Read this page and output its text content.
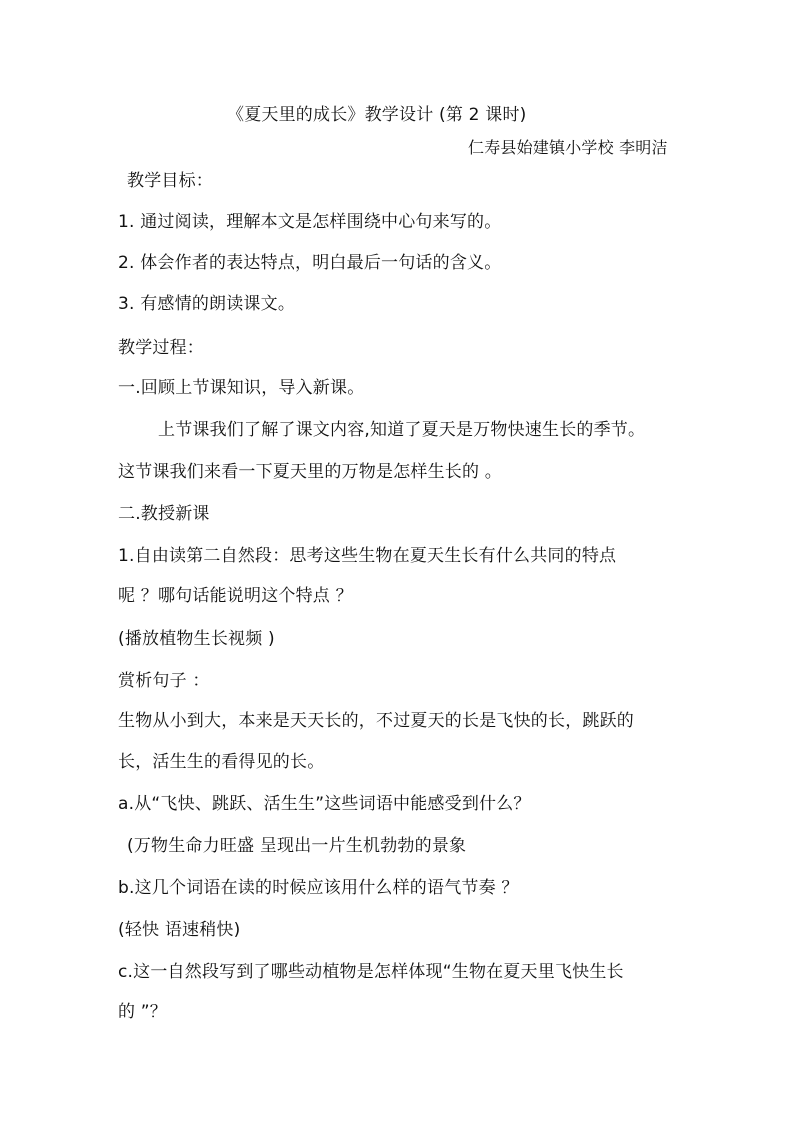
《夏天里的成长》教学设计 (第 2 课时)
仁寿县始建镇小学校 李明洁
教学目标：
1. 通过阅读，理解本文是怎样围绕中心句来写的。
2. 体会作者的表达特点，明白最后一句话的含义。
3. 有感情的朗读课文。
教学过程：
一.回顾上节课知识，导入新课。
上节课我们了解了课文内容,知道了夏天是万物快速生长的季节。
这节课我们来看一下夏天里的万物是怎样生长的 。
二.教授新课
1.自由读第二自然段：思考这些生物在夏天生长有什么共同的特点
呢 ？哪句话能说明这个特点 ？
(播放植物生长视频 )
赏析句子 ：
生物从小到大，本来是天天长的，不过夏天的长是飞快的长，跳跃的
长，活生生的看得见的长。
a.从“飞快、跳跃、活生生”这些词语中能感受到什么？
(万物生命力旺盛 呈现出一片生机勃勃的景象
b.这几个词语在读的时候应该用什么样的语气节奏 ？
(轻快 语速稍快)
c.这一自然段写到了哪些动植物是怎样体现“生物在夏天里飞快生长
的 ”？
